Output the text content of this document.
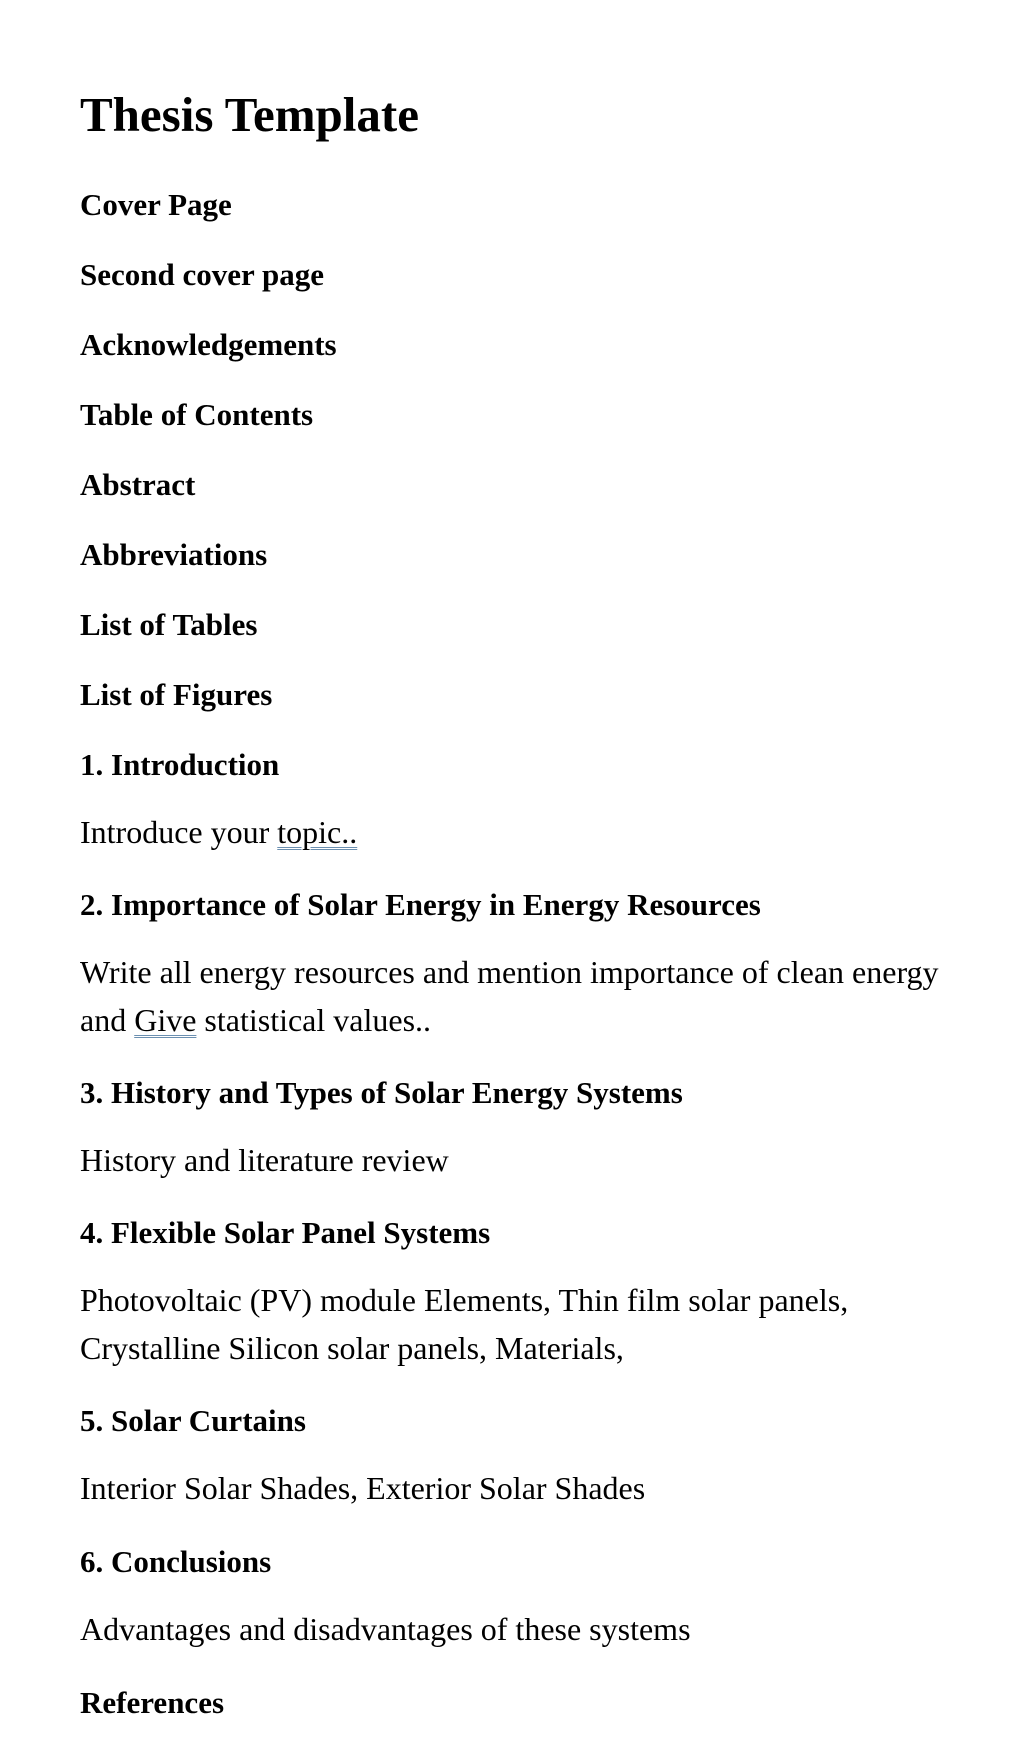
Thesis Template
Cover Page
Second cover page
Acknowledgements
Table of Contents
Abstract
Abbreviations
List of Tables
List of Figures
1. Introduction

Introduce your topic..

2. Importance of Solar Energy in Energy Resources

Write all energy resources and mention importance of clean energy and Give statistical values..

3. History and Types of Solar Energy Systems

History and literature review

4. Flexible Solar Panel Systems

Photovoltaic (PV) module Elements, Thin film solar panels, Crystalline Silicon solar panels, Materials,

5. Solar Curtains

Interior Solar Shades, Exterior Solar Shades

6. Conclusions

Advantages and disadvantages of these systems

References
